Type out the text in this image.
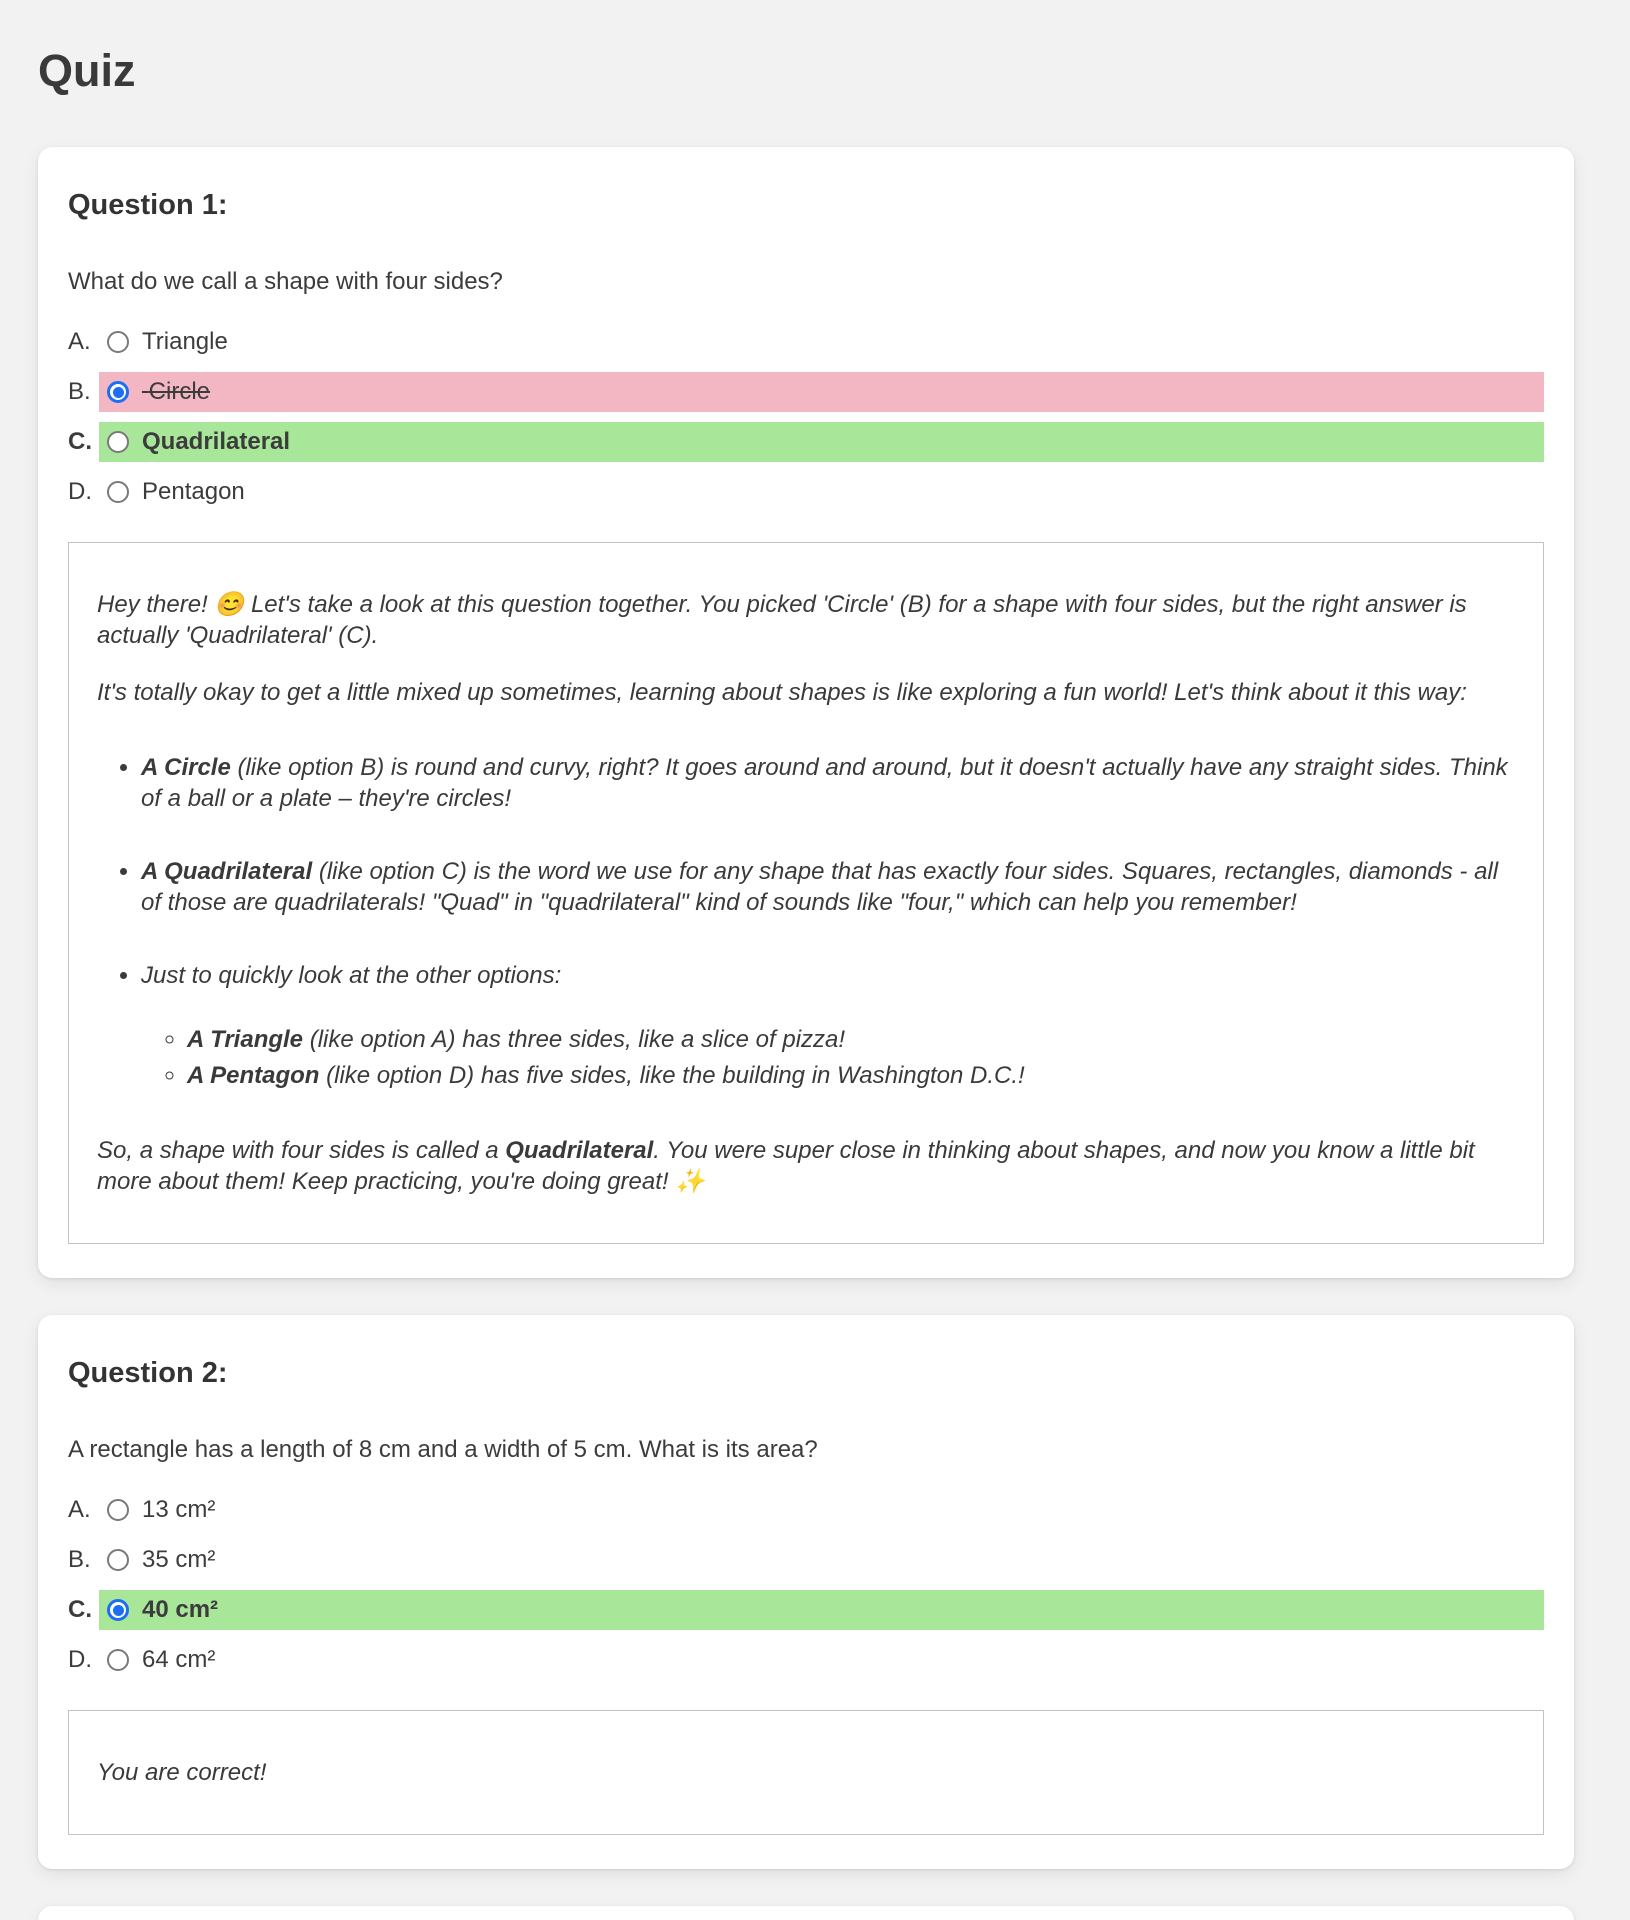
Quiz
Question 1:

What do we call a shape with four sides?

A.	Triangle
B.	Circle
C. Quadrilateral
D. Pentagon

Hey there! 😊 Let's take a look at this question together. You picked 'Circle' (B) for a shape with four sides, but the right answer is actually 'Quadrilateral' (C).

It's totally okay to get a little mixed up sometimes, learning about shapes is like exploring a fun world! Let's think about it this way:

• A Circle (like option B) is round and curvy, right? It goes around and around, but it doesn't actually have any straight sides. Think of a ball or a plate – they're circles!

• A Quadrilateral (like option C) is the word we use for any shape that has exactly four sides. Squares, rectangles, diamonds - all of those are quadrilaterals! "Quad" in "quadrilateral" kind of sounds like "four," which can help you remember!

• Just to quickly look at the other options:

◦ A Triangle (like option A) has three sides, like a slice of pizza!
◦ A Pentagon (like option D) has five sides, like the building in Washington D.C.!

So, a shape with four sides is called a Quadrilateral. You were super close in thinking about shapes, and now you know a little bit more about them! Keep practicing, you're doing great! ✨

Question 2:

A rectangle has a length of 8 cm and a width of 5 cm. What is its area?

A.	13 cm²
B.	35 cm²
C. 40 cm²
D. 64 cm²

You are correct!
